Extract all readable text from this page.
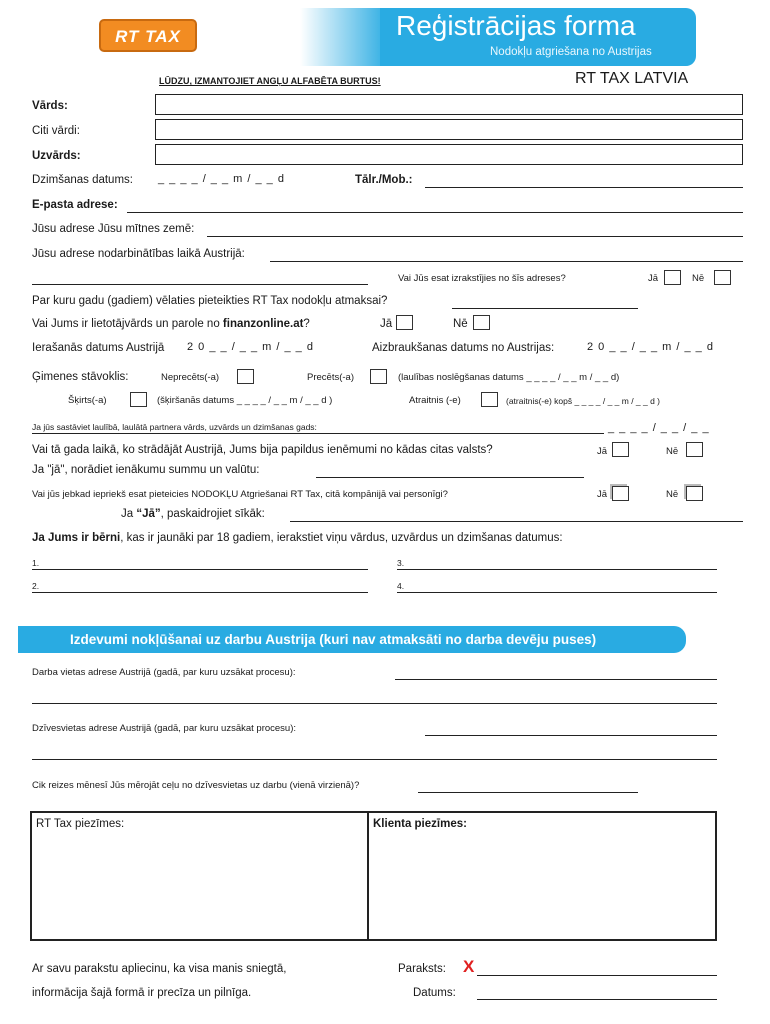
RT TAX	Reģistrācijas forma
Nodokļu atgriešana no Austrijas
RT TAX LATVIA
LŪDZU, IZMANTOJIET ANGĻU ALFABĒTA BURTUS!
Vārds:
Citi vārdi:
Uzvārds:
Dzimšanas datums: _ _ _ _ / _ _ m / _ _ d	Tālr./Mob.:
E-pasta adrese:
Jūsu adrese Jūsu mītnes zemē:
Jūsu adrese nodarbinātības laikā Austrijā:
Vai Jūs esat izrakstījies no šīs adreses?	Jā	Nē
Par kuru gadu (gadiem) vēlaties pieteikties RT Tax nodokļu atmaksai?
Vai Jums ir lietotājvārds un parole no finanzonline.at?	Jā	Nē
Ierašanās datums Austrijā 2 0 _ _ / _ _ m / _ _ d	Aizbraukšanas datums no Austrijas:	2 0 _ _ / _ _ m / _ _ d
Ģimenes stāvoklis:	Neprecēts(-a)	Precēts(-a)	(laulības noslēgšanas datums _ _ _ _ / _ _ m / _ _ d)
Šķirts(-a)	(šķiršanās datums _ _ _ _ / _ _ m / _ _ d )	Atraitnis (-e)	(atraitnis(-e) kopš _ _ _ _ / _ _ m / _ _ d )
Ja jūs sastāviet laulībā, laulātā partnera vārds, uzvārds un dzimšanas gads:	_ _ _ _ / _ _ / _ _
Vai tā gada laikā, ko strādājāt Austrijā, Jums bija papildus ienēmumi no kādas citas valsts?	Jā	Nē
Ja "jā", norādiet ienākumu summu un valūtu:
Vai jūs jebkad iepriekš esat pieteicies NODOKĻU Atgriešanai RT Tax, citā kompānijā vai personīgi?	Jā	Nē
Ja “Jā”, paskaidrojiet sīkāk:
Ja Jums ir bērni, kas ir jaunāki par 18 gadiem, ierakstiet viņu vārdus, uzvārdus un dzimšanas datumus:
1.	3.
2.	4.
Izdevumi nokļūšanai uz darbu Austrija (kuri nav atmaksāti no darba devēju puses)
Darba vietas adrese Austrijā (gadā, par kuru uzsākat procesu):
Dzīvesvietas adrese Austrijā (gadā, par kuru uzsākat procesu):
Cik reizes mēnesī Jūs mērojāt ceļu no dzīvesvietas uz darbu (vienā virzienā)?
RT Tax piezīmes:	Klienta piezīmes:
Ar savu parakstu apliecinu, ka visa manis sniegtā,
informācija šajā formā ir precīza un pilnīga.
Paraksts: X
Datums:
